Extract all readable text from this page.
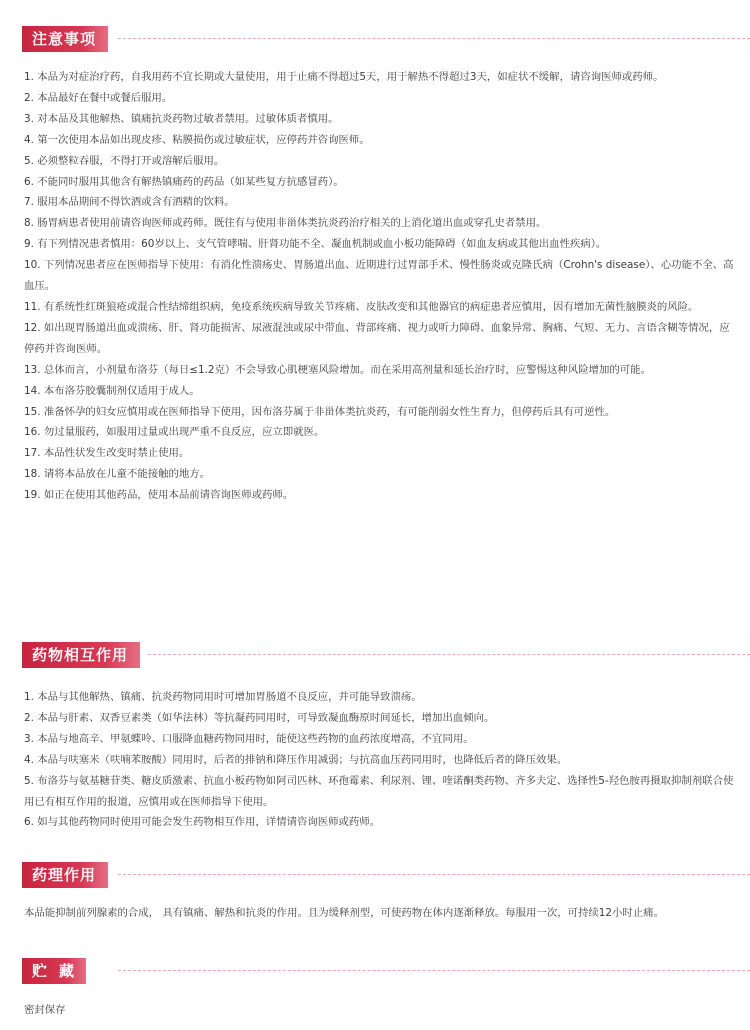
注意事项
1. 本品为对症治疗药，自我用药不宜长期或大量使用，用于止痛不得超过5天，用于解热不得超过3天，如症状不缓解，请咨询医师或药师。
2. 本品最好在餐中或餐后服用。
3. 对本品及其他解热、镇痛抗炎药物过敏者禁用。过敏体质者慎用。
4. 第一次使用本品如出现皮疹、粘膜损伤或过敏症状，应停药并咨询医师。
5. 必须整粒吞服，不得打开或溶解后服用。
6. 不能同时服用其他含有解热镇痛药的药品（如某些复方抗感冒药）。
7. 服用本品期间不得饮酒或含有酒精的饮料。
8. 肠胃病患者使用前请咨询医师或药师。既往有与使用非甾体类抗炎药治疗相关的上消化道出血或穿孔史者禁用。
9. 有下列情况患者慎用：60岁以上、支气管哮喘、肝肾功能不全、凝血机制或血小板功能障碍（如血友病或其他出血性疾病）。
10. 下列情况患者应在医师指导下使用：有消化性溃疡史、胃肠道出血、近期进行过胃部手术、慢性肠炎或克隆氏病（Crohn's disease）、心功能不全、高血压。
11. 有系统性红斑狼疮或混合性结缔组织病，免疫系统疾病导致关节疼痛、皮肤改变和其他器官的病症患者应慎用，因有增加无菌性脑膜炎的风险。
12. 如出现胃肠道出血或溃疡、肝、肾功能损害、尿液混浊或尿中带血、背部疼痛、视力或听力障碍、血象异常、胸痛、气短、无力、言语含糊等情况，应停药并咨询医师。
13. 总体而言，小剂量布洛芬（每日≤1.2克）不会导致心肌梗塞风险增加。而在采用高剂量和延长治疗时，应警惕这种风险增加的可能。
14. 本布洛芬胶囊制剂仅适用于成人。
15. 准备怀孕的妇女应慎用或在医师指导下使用，因布洛芬属于非甾体类抗炎药，有可能削弱女性生育力，但停药后具有可逆性。
16. 勿过量服药，如服用过量或出现严重不良反应，应立即就医。
17. 本品性状发生改变时禁止使用。
18. 请将本品放在儿童不能接触的地方。
19. 如正在使用其他药品，使用本品前请咨询医师或药师。
药物相互作用
1. 本品与其他解热、镇痛、抗炎药物同用时可增加胃肠道不良反应，并可能导致溃疡。
2. 本品与肝素、双香豆素类（如华法林）等抗凝药同用时，可导致凝血酶原时间延长，增加出血倾向。
3. 本品与地高辛、甲氨蝶呤、口服降血糖药物同用时，能使这些药物的血药浓度增高，不宜同用。
4. 本品与呋塞米（呋喃苯胺酸）同用时，后者的排钠和降压作用减弱；与抗高血压药同用时，也降低后者的降压效果。
5. 布洛芬与氨基糖苷类、糖皮质激素、抗血小板药物如阿司匹林、环孢霉素、利尿剂、锂、喹诺酮类药物、齐多夫定、选择性5-羟色胺再摄取抑制剂联合使用已有相互作用的报道，应慎用或在医师指导下使用。
6. 如与其他药物同时使用可能会发生药物相互作用，详情请咨询医师或药师。
药理作用

本品能抑制前列腺素的合成， 具有镇痛、解热和抗炎的作用。且为缓释剂型，可使药物在体内逐渐释放。每服用一次，可持续12小时止痛。

贮藏

密封保存
